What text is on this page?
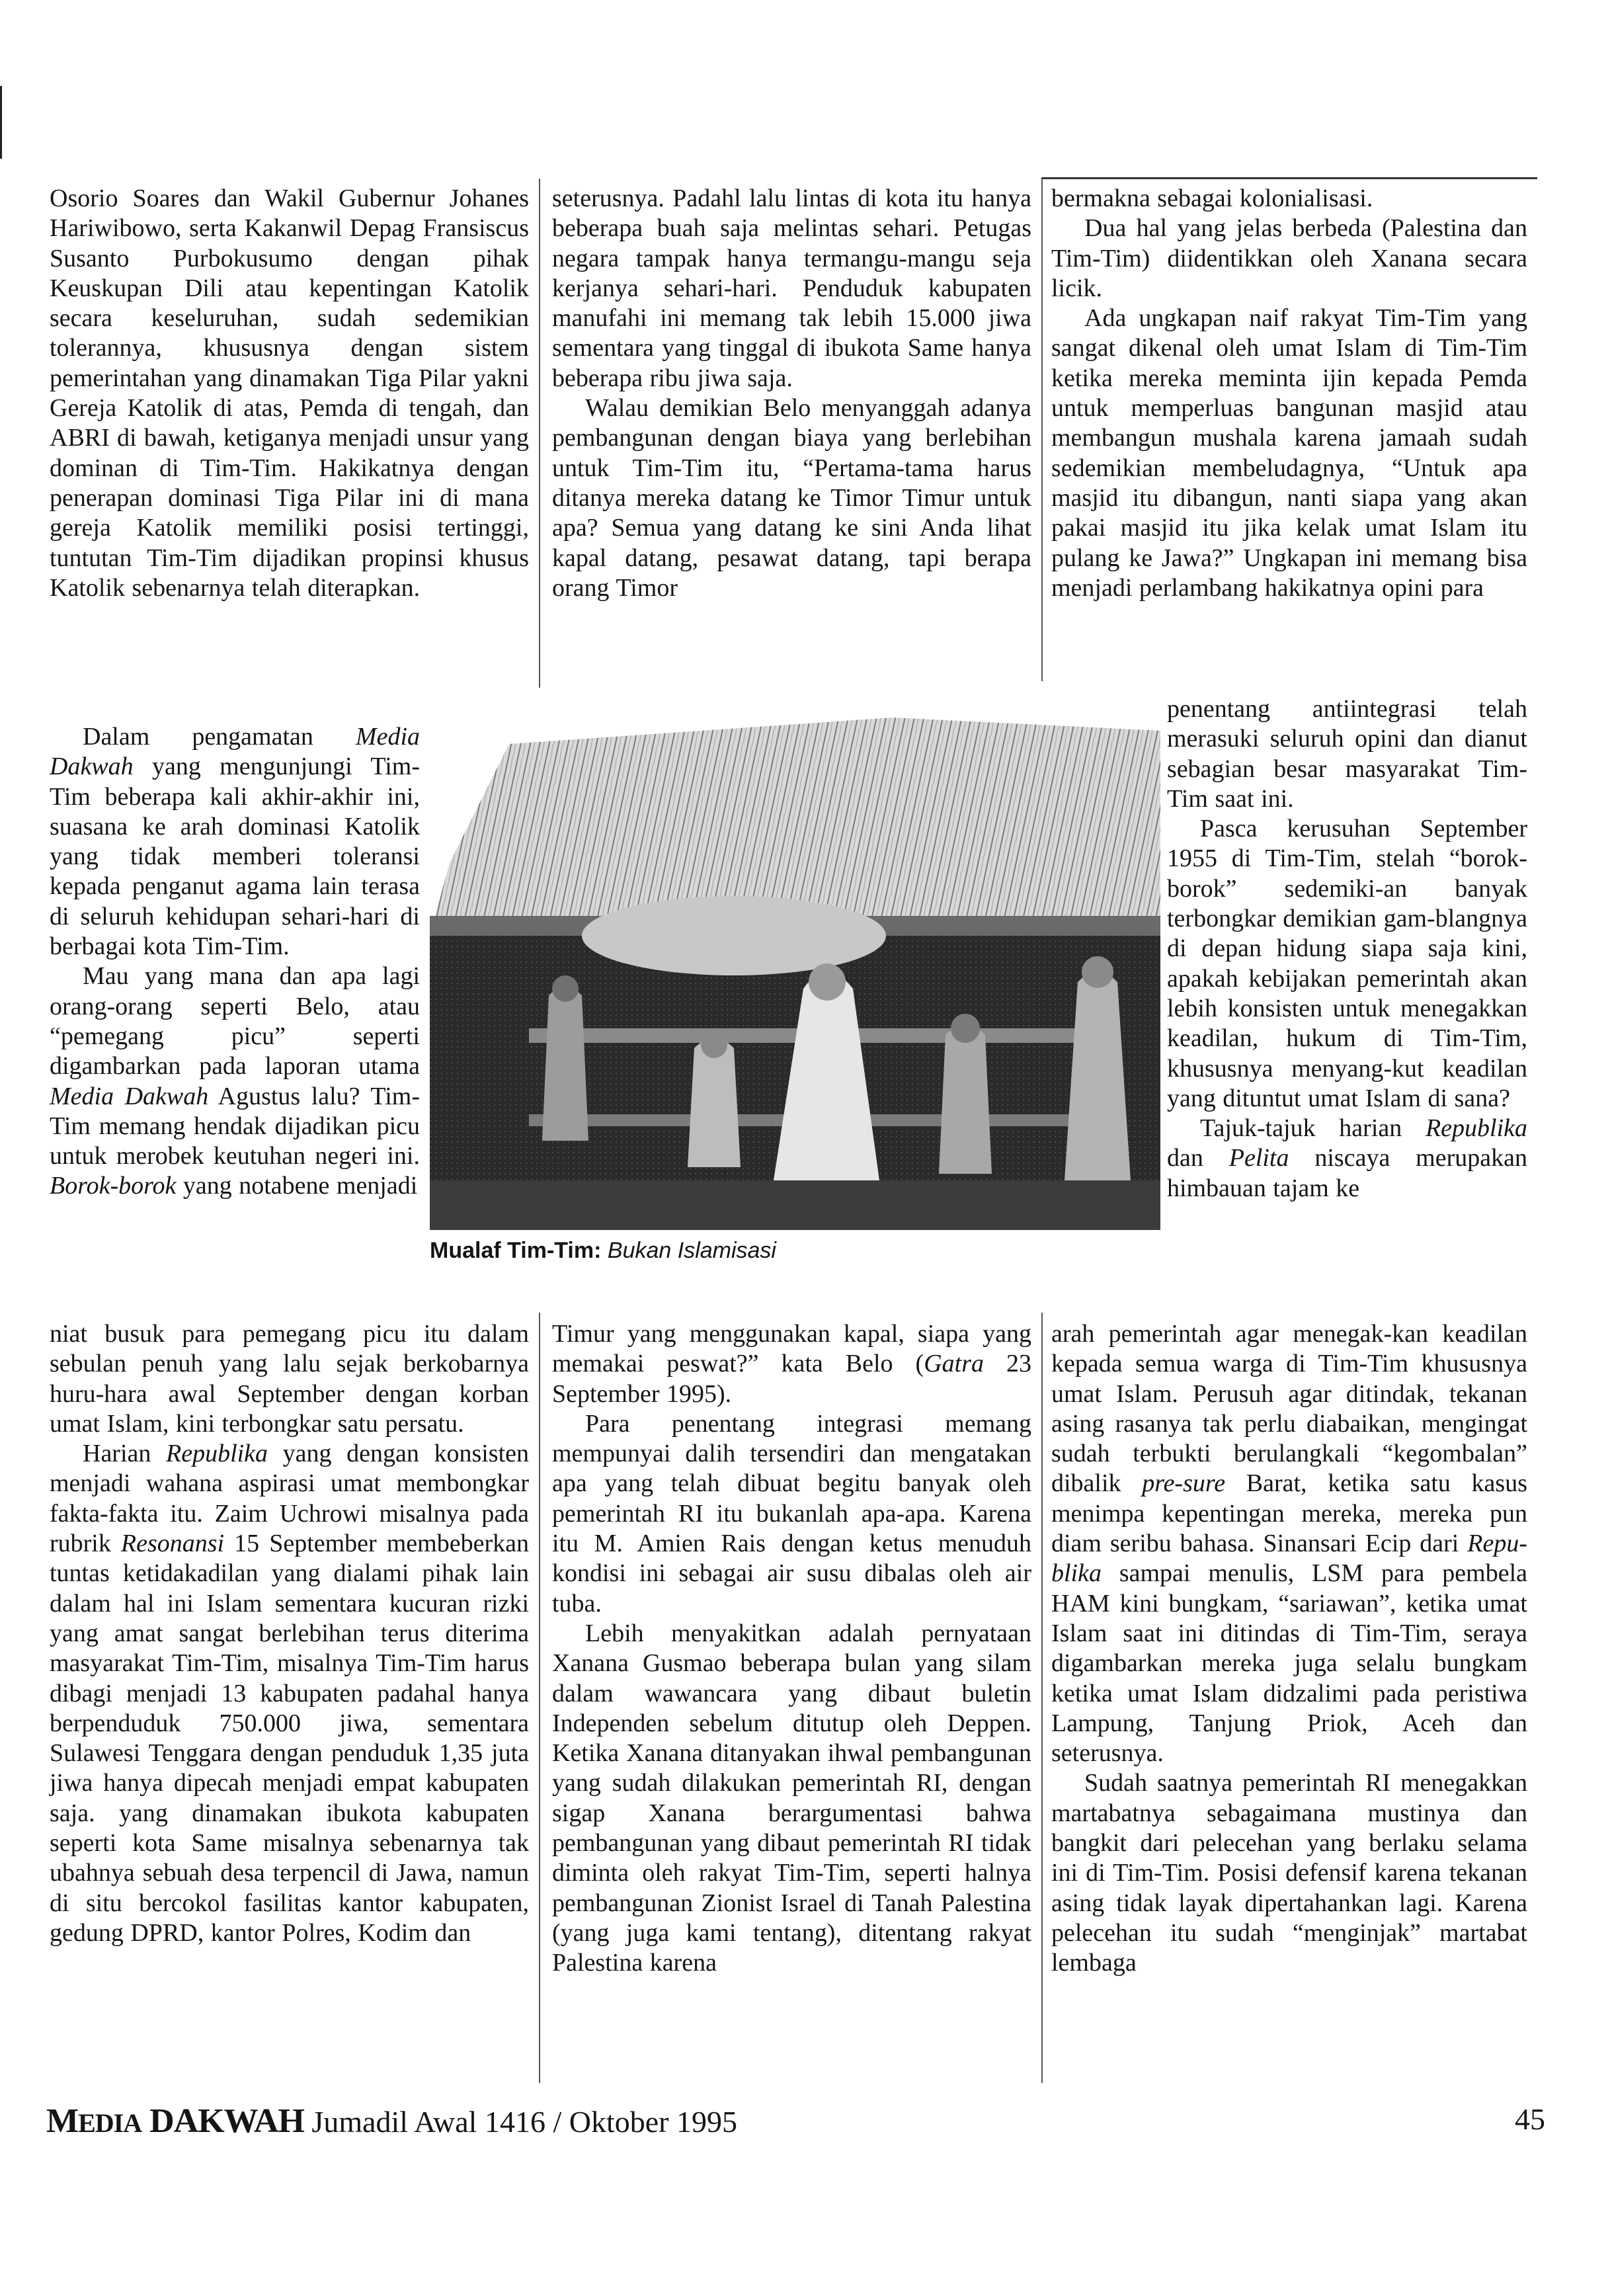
Osorio Soares dan Wakil Gubernur Johanes Hariwibowo, serta Kakanwil Depag Fransiscus Susanto Purbokusumo dengan pihak Keuskupan Dili atau kepentingan Katolik secara keseluruhan, sudah sedemikian tolerannya, khususnya dengan sistem pemerintahan yang dinamakan Tiga Pilar yakni Gereja Katolik di atas, Pemda di tengah, dan ABRI di bawah, ketiganya menjadi unsur yang dominan di Tim-Tim. Hakikatnya dengan penerapan dominasi Tiga Pilar ini di mana gereja Katolik memiliki posisi tertinggi, tuntutan Tim-Tim dijadikan propinsi khusus Katolik sebenarnya telah diterapkan.

Dalam pengamatan Media Dakwah yang mengunjungi Tim-Tim beberapa kali akhir-akhir ini, suasana ke arah dominasi Katolik yang tidak memberi toleransi kepada penganut agama lain terasa di seluruh kehidupan sehari-hari di berbagai kota Tim-Tim.

Mau yang mana dan apa lagi orang-orang seperti Belo, atau “pemegang picu” seperti digambarkan pada laporan utama Media Dakwah Agustus lalu? Tim-Tim memang hendak dijadikan picu untuk merobek keutuhan negeri ini. Borok-borok yang notabene menjadi

niat busuk para pemegang picu itu dalam sebulan penuh yang lalu sejak berkobarnya huru-hara awal September dengan korban umat Islam, kini terbongkar satu persatu.

Harian Republika yang dengan konsisten menjadi wahana aspirasi umat membongkar fakta-fakta itu. Zaim Uchrowi misalnya pada rubrik Resonansi 15 September membeberkan tuntas ketidakadilan yang dialami pihak lain dalam hal ini Islam sementara kucuran rizki yang amat sangat berlebihan terus diterima masyarakat Tim-Tim, misalnya Tim-Tim harus dibagi menjadi 13 kabupaten padahal hanya berpenduduk 750.000 jiwa, sementara Sulawesi Tenggara dengan penduduk 1,35 juta jiwa hanya dipecah menjadi empat kabupaten saja. yang dinamakan ibukota kabupaten seperti kota Same misalnya sebenarnya tak ubahnya sebuah desa terpencil di Jawa, namun di situ bercokol fasilitas kantor kabupaten, gedung DPRD, kantor Polres, Kodim dan

seterusnya. Padahl lalu lintas di kota itu hanya beberapa buah saja melintas sehari. Petugas negara tampak hanya termangu-mangu seja kerjanya sehari-hari. Penduduk kabupaten manufahi ini memang tak lebih 15.000 jiwa sementara yang tinggal di ibukota Same hanya beberapa ribu jiwa saja.

Walau demikian Belo menyanggah adanya pembangunan dengan biaya yang berlebihan untuk Tim-Tim itu, “Pertama-tama harus ditanya mereka datang ke Timor Timur untuk apa? Semua yang datang ke sini Anda lihat kapal datang, pesawat datang, tapi berapa orang Timor

Timur yang menggunakan kapal, siapa yang memakai peswat?” kata Belo (Gatra 23 September 1995).

Para penentang integrasi memang mempunyai dalih tersendiri dan mengatakan apa yang telah dibuat begitu banyak oleh pemerintah RI itu bukanlah apa-apa. Karena itu M. Amien Rais dengan ketus menuduh kondisi ini sebagai air susu dibalas oleh air tuba.

Lebih menyakitkan adalah pernyataan Xanana Gusmao beberapa bulan yang silam dalam wawancara yang dibaut buletin Independen sebelum ditutup oleh Deppen. Ketika Xanana ditanyakan ihwal pembangunan yang sudah dilakukan pemerintah RI, dengan sigap Xanana berargumentasi bahwa pembangunan yang dibaut pemerintah RI tidak diminta oleh rakyat Tim-Tim, seperti halnya pembangunan Zionist Israel di Tanah Palestina (yang juga kami tentang), ditentang rakyat Palestina karena

bermakna sebagai kolonialisasi.

Dua hal yang jelas berbeda (Palestina dan Tim-Tim) diidentikkan oleh Xanana secara licik.

Ada ungkapan naif rakyat Tim-Tim yang sangat dikenal oleh umat Islam di Tim-Tim ketika mereka meminta ijin kepada Pemda untuk memperluas bangunan masjid atau membangun mushala karena jamaah sudah sedemikian membeludagnya, “Untuk apa masjid itu dibangun, nanti siapa yang akan pakai masjid itu jika kelak umat Islam itu pulang ke Jawa?” Ungkapan ini memang bisa menjadi perlambang hakikatnya opini para

penentang antiintegrasi telah merasuki seluruh opini dan dianut sebagian besar masyarakat Tim-Tim saat ini.

Pasca kerusuhan September 1955 di Tim-Tim, stelah “borok-borok” sedemiki-an banyak terbongkar demikian gam-blangnya di depan hidung siapa saja kini, apakah kebijakan pemerintah akan lebih konsisten untuk menegakkan keadilan, hukum di Tim-Tim, khususnya menyang-kut keadilan yang dituntut umat Islam di sana?

Tajuk-tajuk harian Republika dan Pelita niscaya merupakan himbauan tajam ke

arah pemerintah agar menegak-kan keadilan kepada semua warga di Tim-Tim khususnya umat Islam. Perusuh agar ditindak, tekanan asing rasanya tak perlu diabaikan, mengingat sudah terbukti berulangkali “kegombalan” dibalik pre-sure Barat, ketika satu kasus menimpa kepentingan mereka, mereka pun diam seribu bahasa. Sinansari Ecip dari Repu-blika sampai menulis, LSM para pembela HAM kini bungkam, “sariawan”, ketika umat Islam saat ini ditindas di Tim-Tim, seraya digambarkan mereka juga selalu bungkam ketika umat Islam didzalimi pada peristiwa Lampung, Tanjung Priok, Aceh dan seterusnya.

Sudah saatnya pemerintah RI menegakkan martabatnya sebagaimana mustinya dan bangkit dari pelecehan yang berlaku selama ini di Tim-Tim. Posisi defensif karena tekanan asing tidak layak dipertahankan lagi. Karena pelecehan itu sudah “menginjak” martabat lembaga

Mualaf Tim-Tim: Bukan Islamisasi
MEDIA DAKWAH Jumadil Awal 1416 / Oktober 1995	45
